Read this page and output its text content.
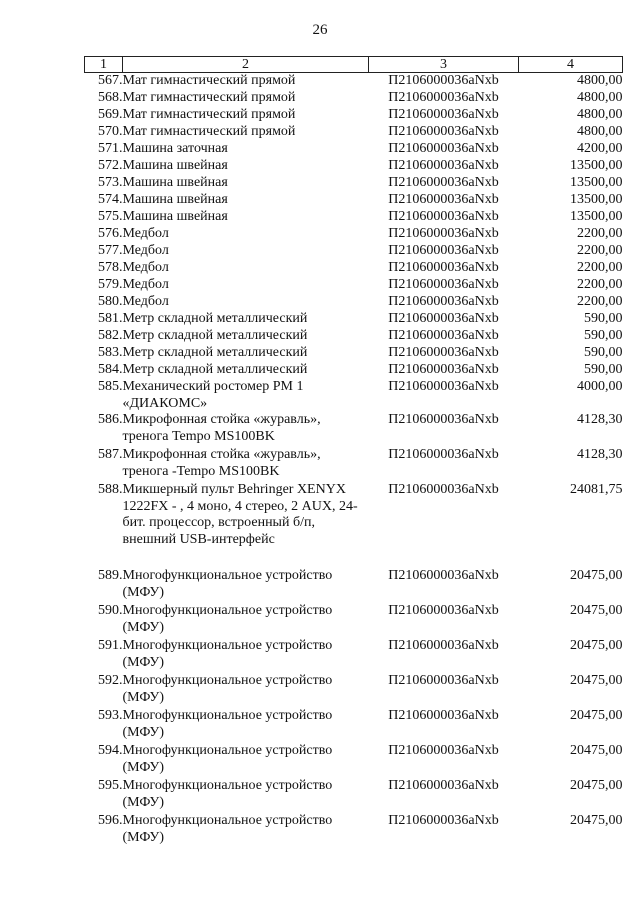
26
1	2	3	4
567.	Мат гимнастический прямой	П2106000036aNxb	4800,00
568.	Мат гимнастический прямой	П2106000036aNxb	4800,00
569.	Мат гимнастический прямой	П2106000036aNxb	4800,00
570.	Мат гимнастический прямой	П2106000036aNxb	4800,00
571.	Машина заточная	П2106000036aNxb	4200,00
572.	Машина швейная	П2106000036aNxb	13500,00
573.	Машина швейная	П2106000036aNxb	13500,00
574.	Машина швейная	П2106000036aNxb	13500,00
575.	Машина швейная	П2106000036aNxb	13500,00
576.	Медбол	П2106000036aNxb	2200,00
577.	Медбол	П2106000036aNxb	2200,00
578.	Медбол	П2106000036aNxb	2200,00
579.	Медбол	П2106000036aNxb	2200,00
580.	Медбол	П2106000036aNxb	2200,00
581.	Метр складной металлический	П2106000036aNxb	590,00
582.	Метр складной металлический	П2106000036aNxb	590,00
583.	Метр складной металлический	П2106000036aNxb	590,00
584.	Метр складной металлический	П2106000036aNxb	590,00
585.	Механический ростомер РМ 1 «ДИАКОМС»	П2106000036aNxb	4000,00
586.	Микрофонная стойка «журавль», тренога Tempo MS100BK	П2106000036aNxb	4128,30
587.	Микрофонная стойка «журавль», тренога -Tempo MS100BK	П2106000036aNxb	4128,30
588.	Микшерный пульт Behringer XENYX 1222FX - , 4 моно, 4 стерео, 2 AUX, 24-бит. процессор, встроенный б/п, внешний USB-интерфейс	П2106000036aNxb	24081,75
589.	Многофункциональное устройство (МФУ)	П2106000036aNxb	20475,00
590.	Многофункциональное устройство (МФУ)	П2106000036aNxb	20475,00
591.	Многофункциональное устройство (МФУ)	П2106000036aNxb	20475,00
592.	Многофункциональное устройство (МФУ)	П2106000036aNxb	20475,00
593.	Многофункциональное устройство (МФУ)	П2106000036aNxb	20475,00
594.	Многофункциональное устройство (МФУ)	П2106000036aNxb	20475,00
595.	Многофункциональное устройство (МФУ)	П2106000036aNxb	20475,00
596.	Многофункциональное устройство (МФУ)	П2106000036aNxb	20475,00
